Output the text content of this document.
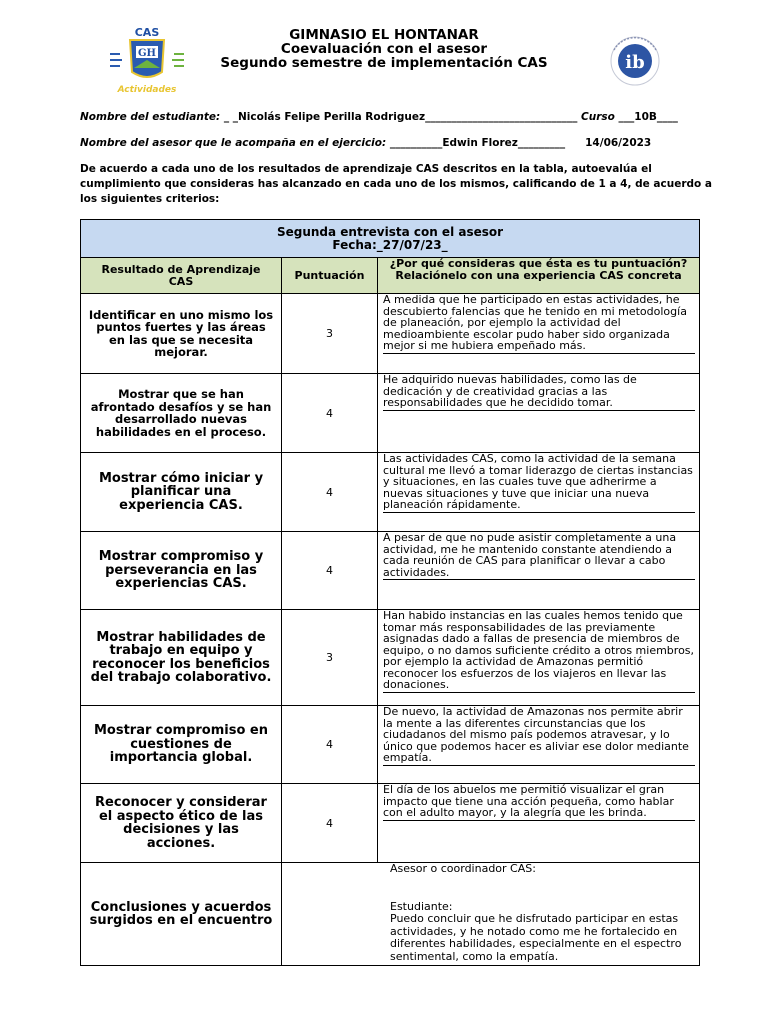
CAS
GH
Actividades
ib
GIMNASIO EL HONTANAR
Coevaluación con el asesor
Segundo semestre de implementación CAS
Nombre del estudiante: _ _Nicolás Felipe Perilla Rodriguez_____________________________ Curso ___10B____
Nombre del asesor que le acompaña en el ejercicio: __________Edwin Florez_________ 14/06/2023
De acuerdo a cada uno de los resultados de aprendizaje CAS descritos en la tabla, autoevalúa el cumplimiento que consideras has alcanzado en cada uno de los mismos, calificando de 1 a 4, de acuerdo a los siguientes criterios:
Segunda entrevista con el asesor
Fecha:_27/07/23_		

Resultado de Aprendizaje CAS	Puntuación	¿Por qué consideras que ésta es tu puntuación? Relaciónelo con una experiencia CAS concreta
Identificar en uno mismo los puntos fuertes y las áreas en las que se necesita mejorar.	3	A medida que he participado en estas actividades, he descubierto falencias que he tenido en mi metodología de planeación, por ejemplo la actividad del medioambiente escolar pudo haber sido organizada mejor si me hubiera empeñado más.

Mostrar que se han afrontado desafíos y se han desarrollado nuevas habilidades en el proceso.	4	He adquirido nuevas habilidades, como las de dedicación y de creatividad gracias a las responsabilidades que he decidido tomar.

Mostrar cómo iniciar y planificar una experiencia CAS.	4	Las actividades CAS, como la actividad de la semana cultural me llevó a tomar liderazgo de ciertas instancias y situaciones, en las cuales tuve que adherirme a nuevas situaciones y tuve que iniciar una nueva planeación rápidamente.

Mostrar compromiso y perseverancia en las experiencias CAS.	4	A pesar de que no pude asistir completamente a una actividad, me he mantenido constante atendiendo a cada reunión de CAS para planificar o llevar a cabo actividades.

Mostrar habilidades de trabajo en equipo y reconocer los beneficios del trabajo colaborativo.	3	Han habido instancias en las cuales hemos tenido que tomar más responsabilidades de las previamente asignadas dado a fallas de presencia de miembros de equipo, o no damos suficiente crédito a otros miembros, por ejemplo la actividad de Amazonas permitió reconocer los esfuerzos de los viajeros en llevar las donaciones.

Mostrar compromiso en cuestiones de importancia global.	4	De nuevo, la actividad de Amazonas nos permite abrir la mente a las diferentes circunstancias que los ciudadanos del mismo país podemos atravesar, y lo único que podemos hacer es aliviar ese dolor mediante empatía.

Reconocer y considerar el aspecto ético de las decisiones y las acciones.	4	El día de los abuelos me permitió visualizar el gran impacto que tiene una acción pequeña, como hablar con el adulto mayor, y la alegría que les brinda.

Conclusiones y acuerdos surgidos en el encuentro	Asesor o coordinador CAS:
Estudiante:
Puedo concluir que he disfrutado participar en estas actividades, y he notado como me he fortalecido en diferentes habilidades, especialmente en el espectro sentimental, como la empatía.	
